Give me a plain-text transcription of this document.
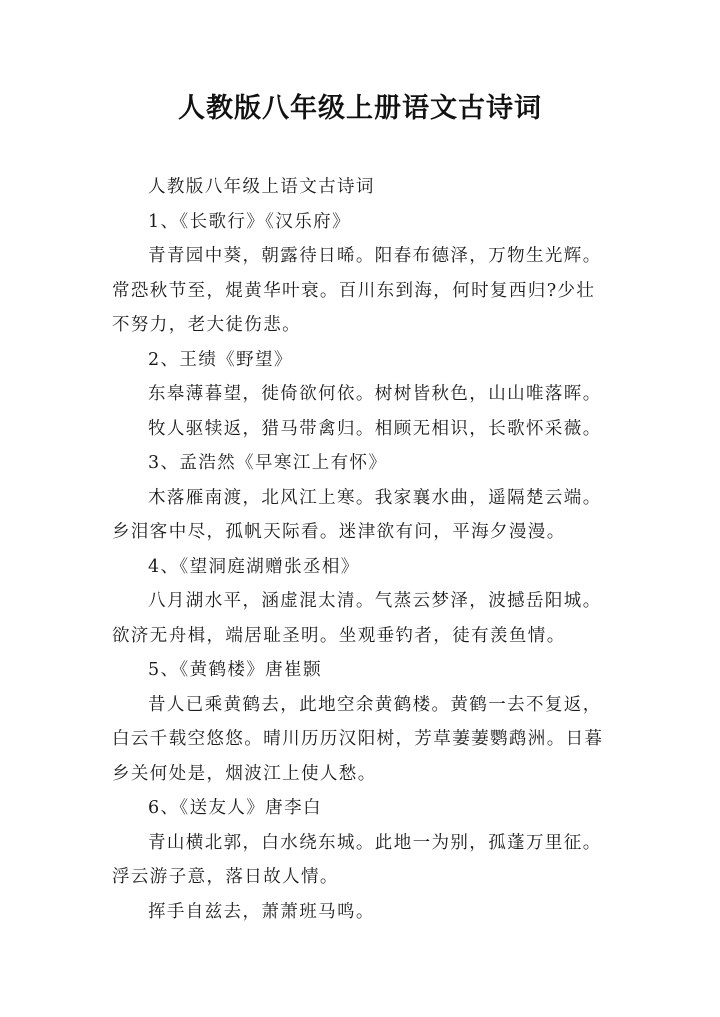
人教版八年级上册语文古诗词
人教版八年级上语文古诗词
1、《长歌行》《汉乐府》
青青园中葵，朝露待日晞。阳春布德泽，万物生光辉。
常恐秋节至，焜黄华叶衰。百川东到海，何时复西归?少壮
不努力，老大徒伤悲。
2、王绩《野望》
东皋薄暮望，徙倚欲何依。树树皆秋色，山山唯落晖。
牧人驱犊返，猎马带禽归。相顾无相识，长歌怀采薇。
3、孟浩然《早寒江上有怀》
木落雁南渡，北风江上寒。我家襄水曲，遥隔楚云端。
乡泪客中尽，孤帆天际看。迷津欲有问，平海夕漫漫。
4、《望洞庭湖赠张丞相》
八月湖水平，涵虚混太清。气蒸云梦泽，波撼岳阳城。
欲济无舟楫，端居耻圣明。坐观垂钓者，徒有羡鱼情。
5、《黄鹤楼》唐崔颢
昔人已乘黄鹤去，此地空余黄鹤楼。黄鹤一去不复返，
白云千载空悠悠。晴川历历汉阳树，芳草萋萋鹦鹉洲。日暮
乡关何处是，烟波江上使人愁。
6、《送友人》唐李白
青山横北郭，白水绕东城。此地一为别，孤蓬万里征。
浮云游子意，落日故人情。
挥手自兹去，萧萧班马鸣。
